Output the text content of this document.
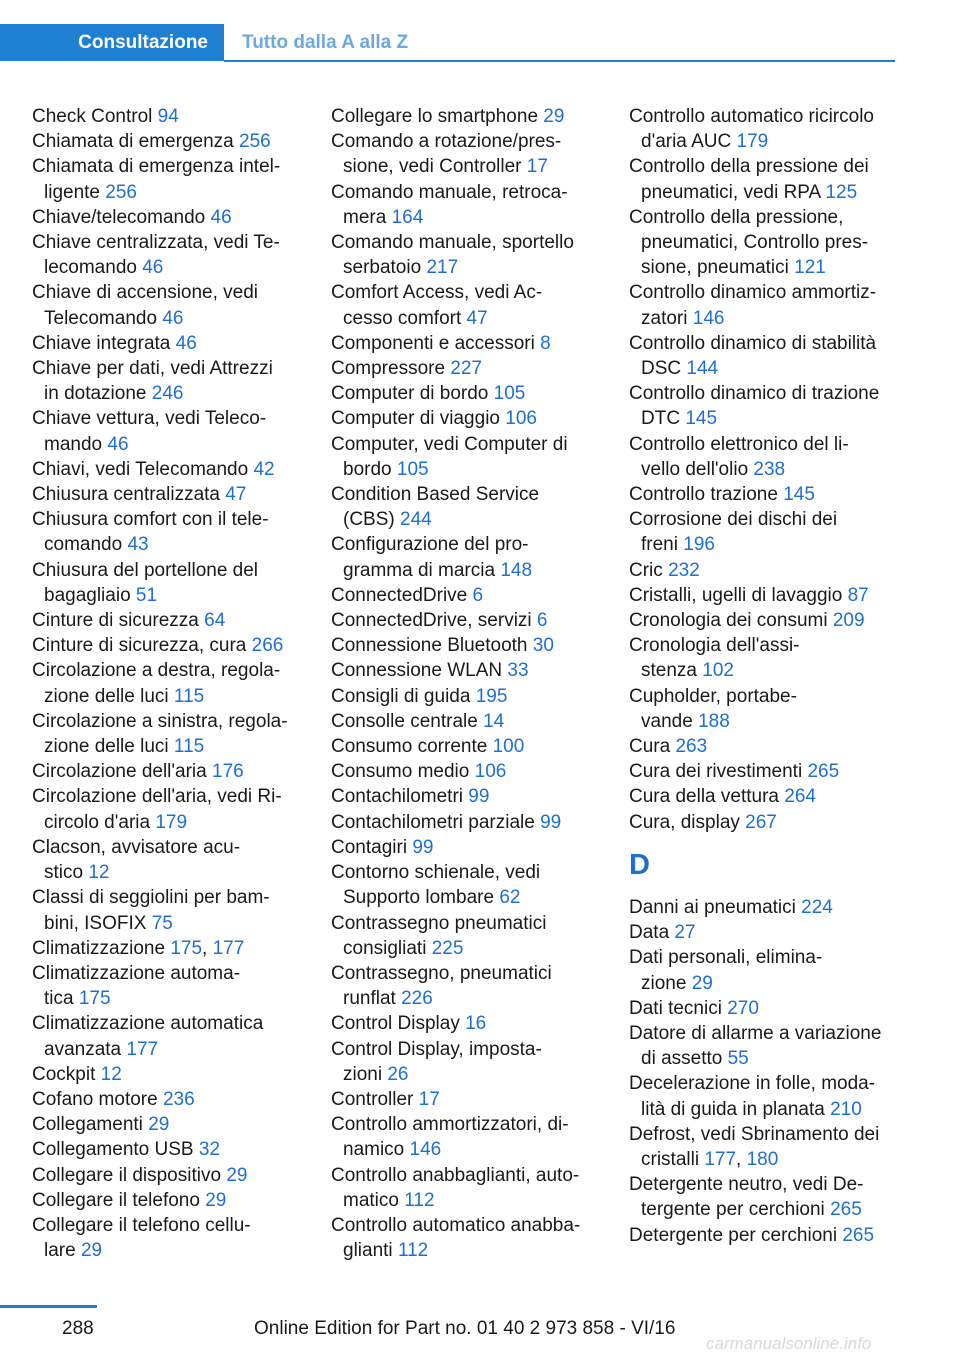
Consultazione Tutto dalla A alla Z
Check Control 94
Chiamata di emergenza 256
Chiamata di emergenza intel-
ligente 256
Chiave/telecomando 46
Chiave centralizzata, vedi Te-
lecomando 46
Chiave di accensione, vedi
Telecomando 46
Chiave integrata 46
Chiave per dati, vedi Attrezzi
in dotazione 246
Chiave vettura, vedi Teleco-
mando 46
Chiavi, vedi Telecomando 42
Chiusura centralizzata 47
Chiusura comfort con il tele-
comando 43
Chiusura del portellone del
bagagliaio 51
Cinture di sicurezza 64
Cinture di sicurezza, cura 266
Circolazione a destra, regola-
zione delle luci 115
Circolazione a sinistra, regola-
zione delle luci 115
Circolazione dell'aria 176
Circolazione dell'aria, vedi Ri-
circolo d'aria 179
Clacson, avvisatore acu-
stico 12
Classi di seggiolini per bam-
bini, ISOFIX 75
Climatizzazione 175, 177
Climatizzazione automa-
tica 175
Climatizzazione automatica
avanzata 177
Cockpit 12
Cofano motore 236
Collegamenti 29
Collegamento USB 32
Collegare il dispositivo 29
Collegare il telefono 29
Collegare il telefono cellu-
lare 29
Collegare lo smartphone 29
Comando a rotazione/pres-
sione, vedi Controller 17
Comando manuale, retroca-
mera 164
Comando manuale, sportello
serbatoio 217
Comfort Access, vedi Ac-
cesso comfort 47
Componenti e accessori 8
Compressore 227
Computer di bordo 105
Computer di viaggio 106
Computer, vedi Computer di
bordo 105
Condition Based Service
(CBS) 244
Configurazione del pro-
gramma di marcia 148
ConnectedDrive 6
ConnectedDrive, servizi 6
Connessione Bluetooth 30
Connessione WLAN 33
Consigli di guida 195
Consolle centrale 14
Consumo corrente 100
Consumo medio 106
Contachilometri 99
Contachilometri parziale 99
Contagiri 99
Contorno schienale, vedi
Supporto lombare 62
Contrassegno pneumatici
consigliati 225
Contrassegno, pneumatici
runflat 226
Control Display 16
Control Display, imposta-
zioni 26
Controller 17
Controllo ammortizzatori, di-
namico 146
Controllo anabbaglianti, auto-
matico 112
Controllo automatico anabba-
glianti 112
Controllo automatico ricircolo
d'aria AUC 179
Controllo della pressione dei
pneumatici, vedi RPA 125
Controllo della pressione,
pneumatici, Controllo pres-
sione, pneumatici 121
Controllo dinamico ammortiz-
zatori 146
Controllo dinamico di stabilità
DSC 144
Controllo dinamico di trazione
DTC 145
Controllo elettronico del li-
vello dell'olio 238
Controllo trazione 145
Corrosione dei dischi dei
freni 196
Cric 232
Cristalli, ugelli di lavaggio 87
Cronologia dei consumi 209
Cronologia dell'assi-
stenza 102
Cupholder, portabe-
vande 188
Cura 263
Cura dei rivestimenti 265
Cura della vettura 264
Cura, display 267
D
Danni ai pneumatici 224
Data 27
Dati personali, elimina-
zione 29
Dati tecnici 270
Datore di allarme a variazione
di assetto 55
Decelerazione in folle, moda-
lità di guida in planata 210
Defrost, vedi Sbrinamento dei
cristalli 177, 180
Detergente neutro, vedi De-
tergente per cerchioni 265
Detergente per cerchioni 265
288	Online Edition for Part no. 01 40 2 973 858 - VI/16
carmanualsonline.info
